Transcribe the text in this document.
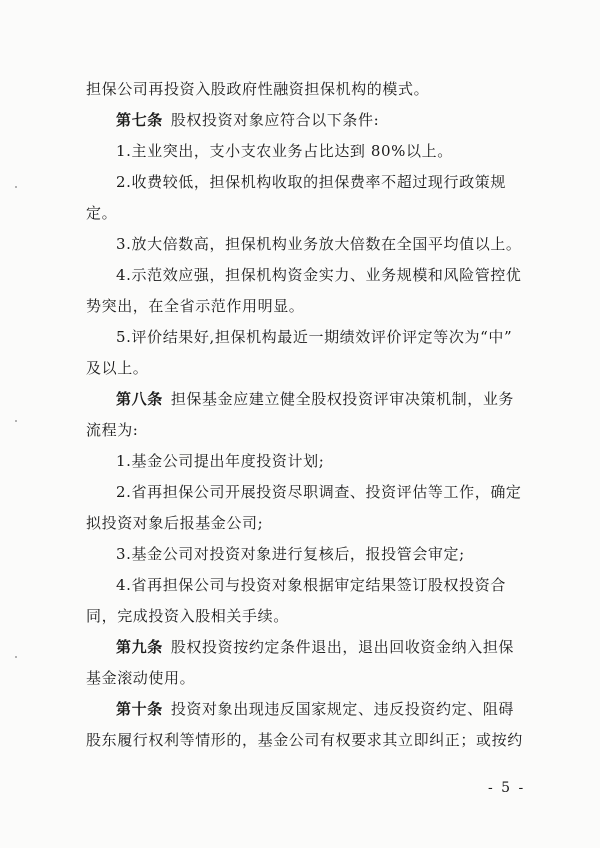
担保公司再投资入股政府性融资担保机构的模式。
第七条 股权投资对象应符合以下条件:
1.主业突出，支小支农业务占比达到 80%以上。
2.收费较低，担保机构收取的担保费率不超过现行政策规
定。
3.放大倍数高，担保机构业务放大倍数在全国平均值以上。
4.示范效应强，担保机构资金实力、业务规模和风险管控优
势突出，在全省示范作用明显。
5.评价结果好,担保机构最近一期绩效评价评定等次为“中”
及以上。
第八条 担保基金应建立健全股权投资评审决策机制，业务
流程为:
1.基金公司提出年度投资计划;
2.省再担保公司开展投资尽职调查、投资评估等工作，确定
拟投资对象后报基金公司;
3.基金公司对投资对象进行复核后，报投管会审定;
4.省再担保公司与投资对象根据审定结果签订股权投资合
同，完成投资入股相关手续。
第九条 股权投资按约定条件退出，退出回收资金纳入担保
基金滚动使用。
第十条 投资对象出现违反国家规定、违反投资约定、阻碍
股东履行权利等情形的，基金公司有权要求其立即纠正；或按约
- 5 -
